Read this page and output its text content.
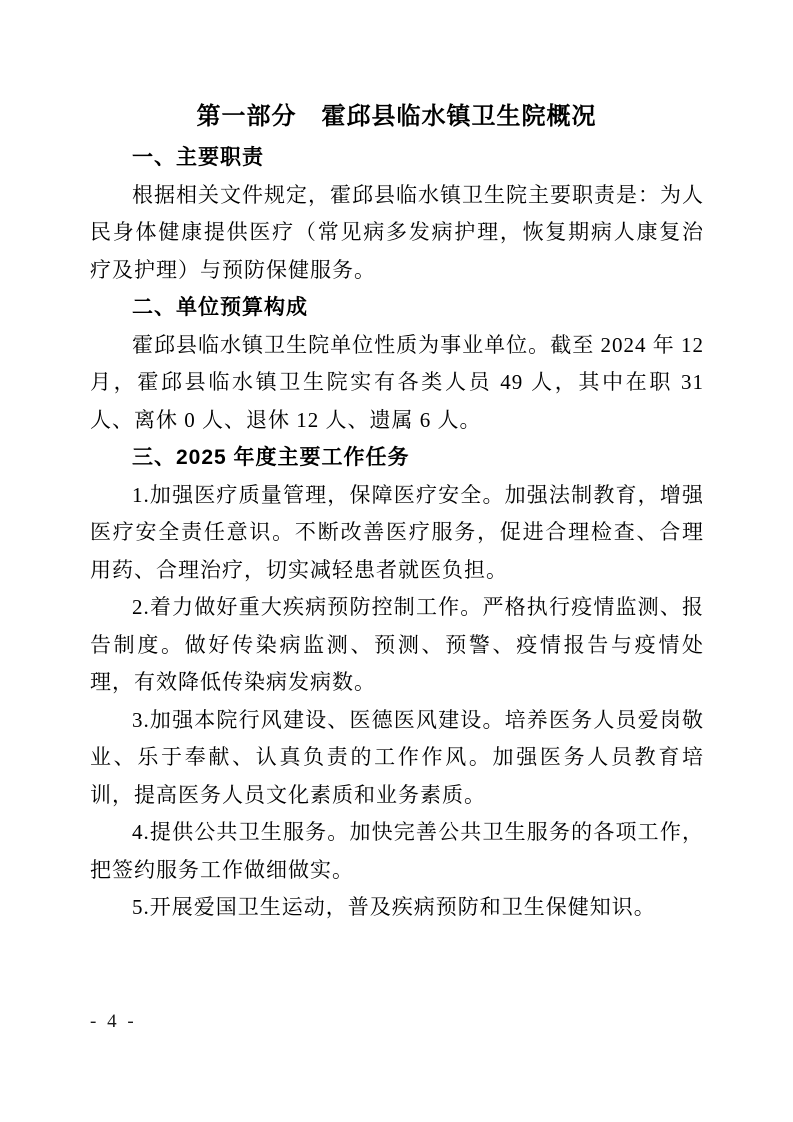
第一部分　霍邱县临水镇卫生院概况
一、主要职责

根据相关文件规定，霍邱县临水镇卫生院主要职责是：为人民身体健康提供医疗（常见病多发病护理，恢复期病人康复治疗及护理）与预防保健服务。

二、单位预算构成

霍邱县临水镇卫生院单位性质为事业单位。截至 2024 年 12 月，霍邱县临水镇卫生院实有各类人员 49 人，其中在职 31 人、离休 0 人、退休 12 人、遗属 6 人。

三、2025 年度主要工作任务

1.加强医疗质量管理，保障医疗安全。加强法制教育，增强医疗安全责任意识。不断改善医疗服务，促进合理检查、合理用药、合理治疗，切实减轻患者就医负担。

2.着力做好重大疾病预防控制工作。严格执行疫情监测、报告制度。做好传染病监测、预测、预警、疫情报告与疫情处理，有效降低传染病发病数。

3.加强本院行风建设、医德医风建设。培养医务人员爱岗敬业、乐于奉献、认真负责的工作作风。加强医务人员教育培训，提高医务人员文化素质和业务素质。

4.提供公共卫生服务。加快完善公共卫生服务的各项工作，把签约服务工作做细做实。

5.开展爱国卫生运动，普及疾病预防和卫生保健知识。

- 4 -
